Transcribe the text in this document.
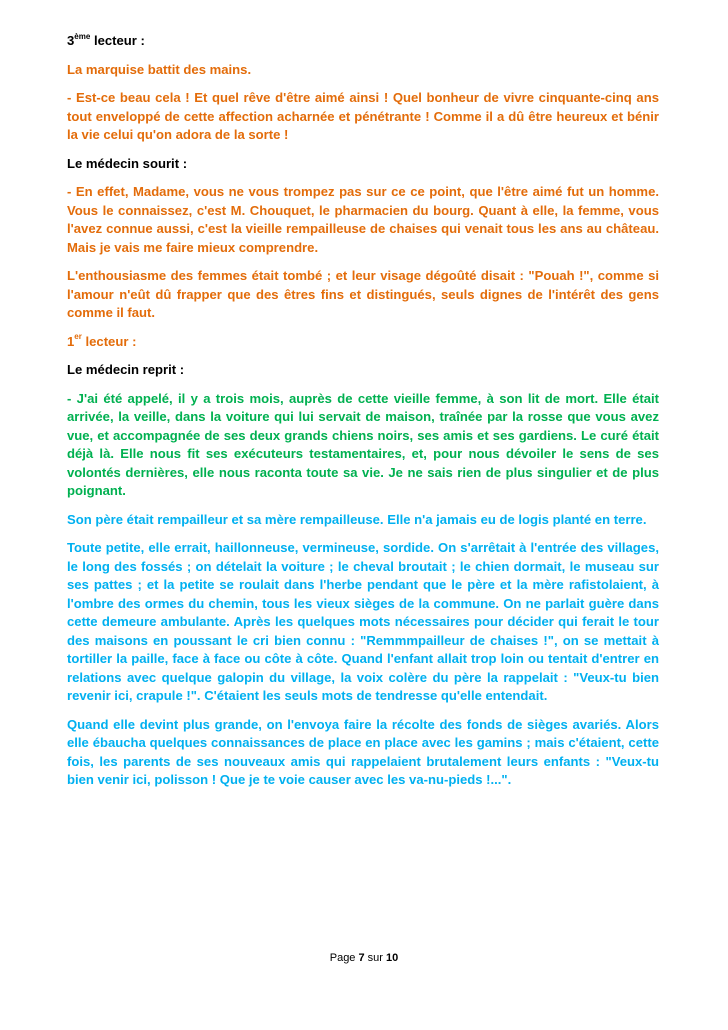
3ème lecteur :

La marquise battit des mains.

- Est-ce beau cela ! Et quel rêve d'être aimé ainsi ! Quel bonheur de vivre cinquante-cinq ans tout enveloppé de cette affection acharnée et pénétrante ! Comme il a dû être heureux et bénir la vie celui qu'on adora de la sorte !

Le médecin sourit :

- En effet, Madame, vous ne vous trompez pas sur ce ce point, que l'être aimé fut un homme. Vous le connaissez, c'est M. Chouquet, le pharmacien du bourg. Quant à elle, la femme, vous l'avez connue aussi, c'est la vieille rempailleuse de chaises qui venait tous les ans au château. Mais je vais me faire mieux comprendre.

L'enthousiasme des femmes était tombé ; et leur visage dégoûté disait : "Pouah !", comme si l'amour n'eût dû frapper que des êtres fins et distingués, seuls dignes de l'intérêt des gens comme il faut.

1er lecteur :

Le médecin reprit :

- J'ai été appelé, il y a trois mois, auprès de cette vieille femme, à son lit de mort. Elle était arrivée, la veille, dans la voiture qui lui servait de maison, traînée par la rosse que vous avez vue, et accompagnée de ses deux grands chiens noirs, ses amis et ses gardiens. Le curé était déjà là. Elle nous fit ses exécuteurs testamentaires, et, pour nous dévoiler le sens de ses volontés dernières, elle nous raconta toute sa vie. Je ne sais rien de plus singulier et de plus poignant.

Son père était rempailleur et sa mère rempailleuse. Elle n'a jamais eu de logis planté en terre.

Toute petite, elle errait, haillonneuse, vermineuse, sordide. On s'arrêtait à l'entrée des villages, le long des fossés ; on dételait la voiture ; le cheval broutait ; le chien dormait, le museau sur ses pattes ; et la petite se roulait dans l'herbe pendant que le père et la mère rafistolaient, à l'ombre des ormes du chemin, tous les vieux sièges de la commune. On ne parlait guère dans cette demeure ambulante. Après les quelques mots nécessaires pour décider qui ferait le tour des maisons en poussant le cri bien connu : "Remmmpailleur de chaises !", on se mettait à tortiller la paille, face à face ou côte à côte. Quand l'enfant allait trop loin ou tentait d'entrer en relations avec quelque galopin du village, la voix colère du père la rappelait : "Veux-tu bien revenir ici, crapule !". C'étaient les seuls mots de tendresse qu'elle entendait.

Quand elle devint plus grande, on l'envoya faire la récolte des fonds de sièges avariés. Alors elle ébaucha quelques connaissances de place en place avec les gamins ; mais c'étaient, cette fois, les parents de ses nouveaux amis qui rappelaient brutalement leurs enfants : "Veux-tu bien venir ici, polisson ! Que je te voie causer avec les va-nu-pieds !...".

Page 7 sur 10
